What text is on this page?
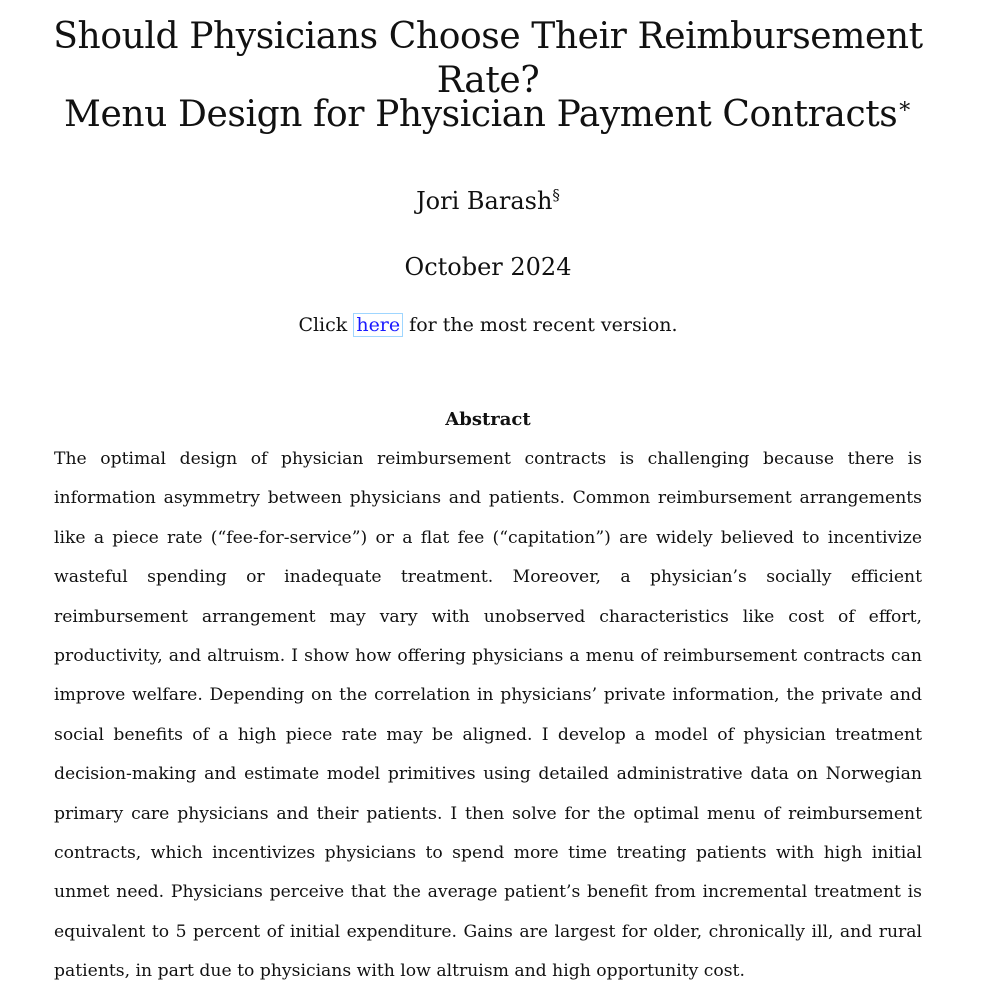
Should Physicians Choose Their Reimbursement Rate?
Menu Design for Physician Payment Contracts∗
Jori Barash§
October 2024
Click here for the most recent version.
Abstract

The optimal design of physician reimbursement contracts is challenging because there is information asymmetry between physicians and patients. Common reimbursement arrangements like a piece rate (“fee-for-service”) or a flat fee (“capitation”) are widely believed to incentivize wasteful spending or inadequate treatment. Moreover, a physician’s socially efficient reimbursement arrangement may vary with unobserved characteristics like cost of effort, productivity, and altruism. I show how offering physicians a menu of reimbursement contracts can improve welfare. Depending on the correlation in physicians’ private information, the private and social benefits of a high piece rate may be aligned. I develop a model of physician treatment decision-making and estimate model primitives using detailed administrative data on Norwegian primary care physicians and their patients. I then solve for the optimal menu of reimbursement contracts, which incentivizes physicians to spend more time treating patients with high initial unmet need. Physicians perceive that the average patient’s benefit from incremental treatment is equivalent to 5 percent of initial expenditure. Gains are largest for older, chronically ill, and rural patients, in part due to physicians with low altruism and high opportunity cost.
